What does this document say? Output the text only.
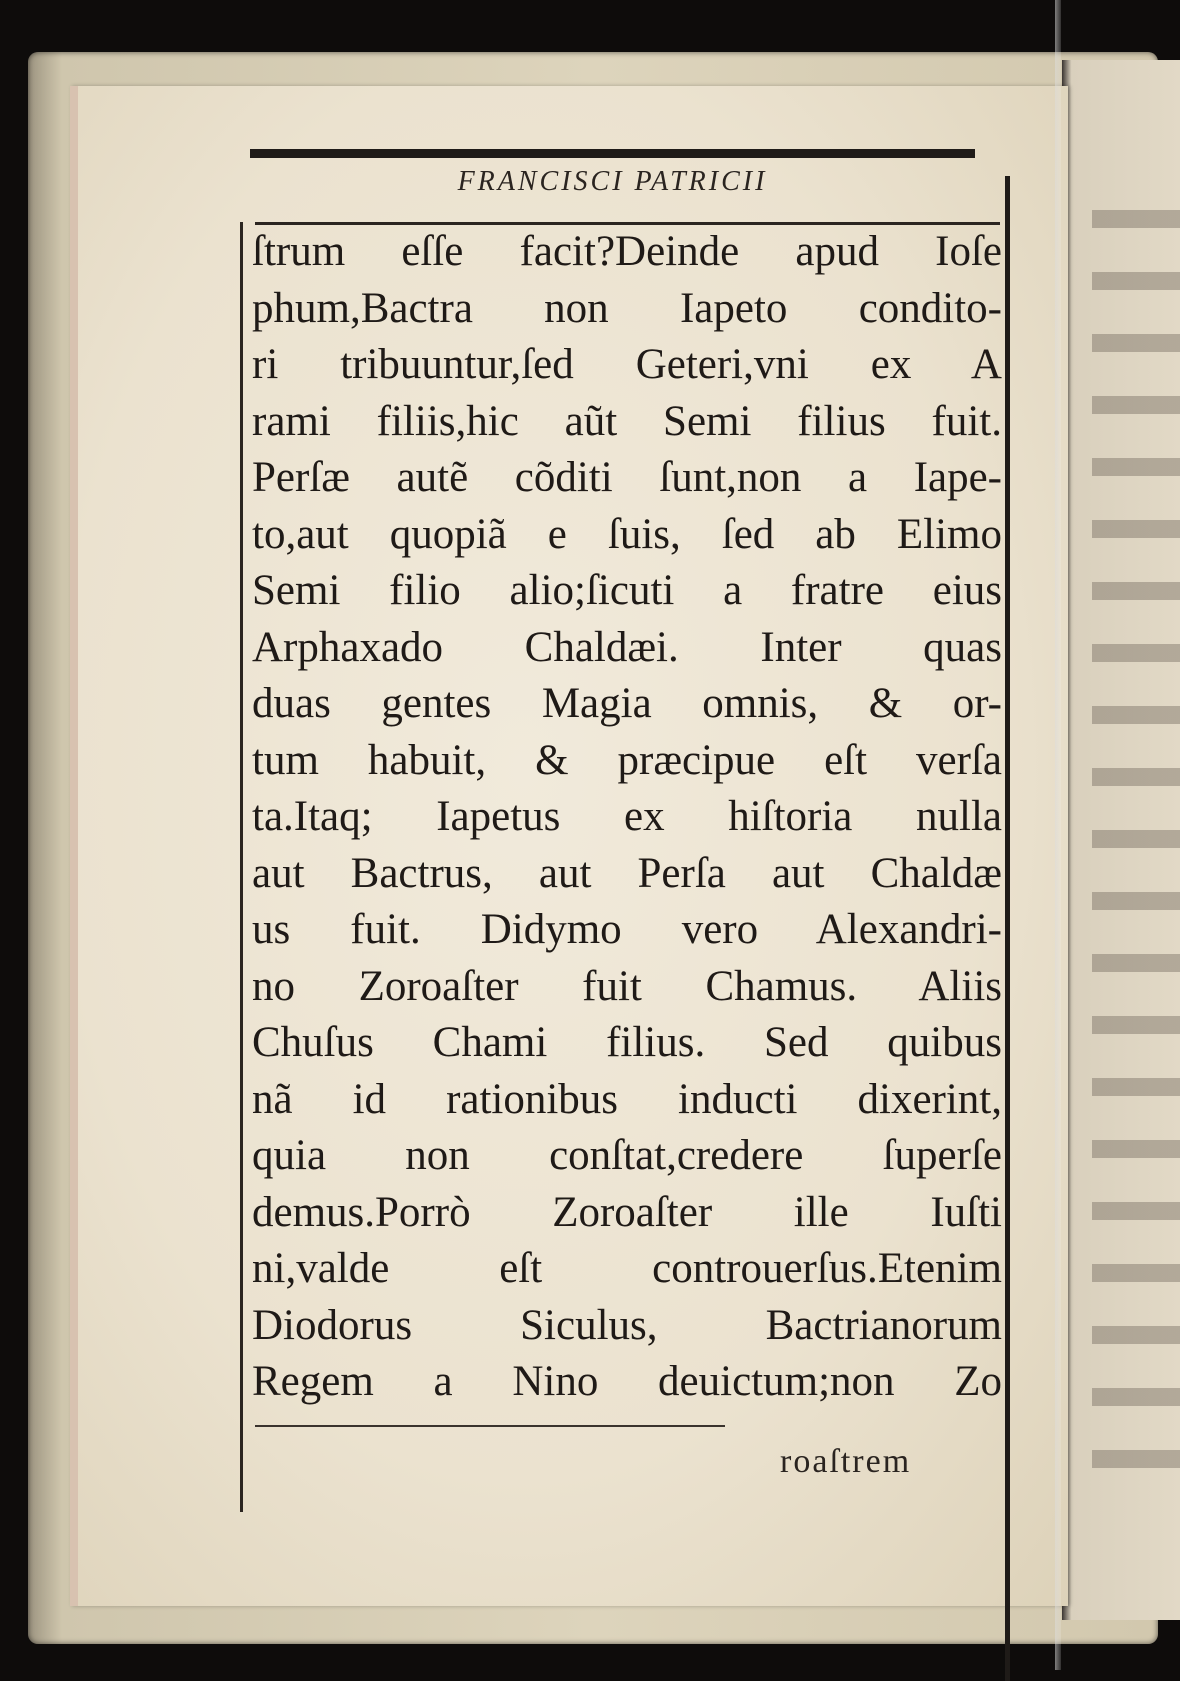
FRANCISCI PATRICII
ſtrum eſſe facit?Deinde apud Ioſe
phum,Bactra non Iapeto condito-
ri tribuuntur,ſed Geteri,vni ex A
rami filiis,hic aũt Semi filius fuit.
Perſæ autẽ cõditi ſunt,non a Iape-
to,aut quopiã e ſuis, ſed ab Elimo
Semi filio alio;ſicuti a fratre eius
Arphaxado Chaldæi. Inter quas
duas gentes Magia omnis, & or-
tum habuit, & præcipue eſt verſa
ta.Itaq; Iapetus ex hiſtoria nulla
aut Bactrus, aut Perſa aut Chaldæ
us fuit. Didymo vero Alexandri-
no Zoroaſter fuit Chamus. Aliis
Chuſus Chami filius. Sed quibus
nã id rationibus inducti dixerint,
quia non conſtat,credere ſuperſe
demus.Porrò Zoroaſter ille Iuſti
ni,valde eſt controuerſus.Etenim
Diodorus Siculus, Bactrianorum
Regem a Nino deuictum;non Zo
roaſtrem
